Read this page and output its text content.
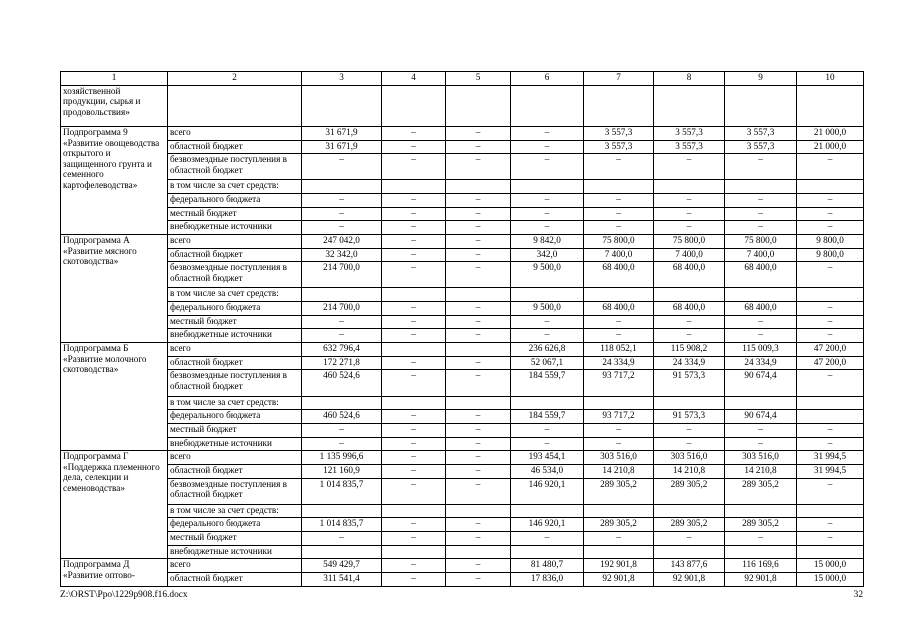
1	2	3	4	5	6	7	8	9	10
хозяйственной продукции, сырья и продовольствия»									
Подпрограмма 9 «Развитие овощеводства открытого и защищенного грунта и семенного картофелеводства»	всего	31 671,9	–	–	–	3 557,3	3 557,3	3 557,3	21 000,0
	областной бюджет	31 671,9	–	–	–	3 557,3	3 557,3	3 557,3	21 000,0
	безвозмездные поступления в областной бюджет	–	–	–	–	–	–	–	–
	в том числе за счет средств:								
	федерального бюджета	–	–	–	–	–	–	–	–
	местный бюджет	–	–	–	–	–	–	–	–
	внебюджетные источники	–	–	–	–	–	–	–	–
Подпрограмма А «Развитие мясного скотоводства»	всего	247 042,0	–	–	9 842,0	75 800,0	75 800,0	75 800,0	9 800,0
	областной бюджет	32 342,0	–	–	342,0	7 400,0	7 400,0	7 400,0	9 800,0
	безвозмездные поступления в областной бюджет	214 700,0	–	–	9 500,0	68 400,0	68 400,0	68 400,0	–
	в том числе за счет средств:								
	федерального бюджета	214 700,0	–	–	9 500,0	68 400,0	68 400,0	68 400,0	–
	местный бюджет	–	–	–	–	–	–	–	–
	внебюджетные источники	–	–	–	–	–	–	–	–
Подпрограмма Б «Развитие молочного скотоводства»	всего	632 796,4			236 626,8	118 052,1	115 908,2	115 009,3	47 200,0
	областной бюджет	172 271,8	–	–	52 067,1	24 334,9	24 334,9	24 334,9	47 200,0
	безвозмездные поступления в областной бюджет	460 524,6	–	–	184 559,7	93 717,2	91 573,3	90 674,4	–
	в том числе за счет средств:								
	федерального бюджета	460 524,6	–	–	184 559,7	93 717,2	91 573,3	90 674,4	
	местный бюджет	–	–	–	–	–	–	–	–
	внебюджетные источники	–	–	–	–	–	–	–	–
Подпрограмма Г «Поддержка племенного дела, селекции и семеноводства»	всего	1 135 996,6	–	–	193 454,1	303 516,0	303 516,0	303 516,0	31 994,5
	областной бюджет	121 160,9	–	–	46 534,0	14 210,8	14 210,8	14 210,8	31 994,5
	безвозмездные поступления в областной бюджет	1 014 835,7	–	–	146 920,1	289 305,2	289 305,2	289 305,2	–
	в том числе за счет средств:								
	федерального бюджета	1 014 835,7	–	–	146 920,1	289 305,2	289 305,2	289 305,2	–
	местный бюджет	–	–	–	–	–	–	–	–
	внебюджетные источники								
Подпрограмма Д «Развитие оптово-	всего	549 429,7	–	–	81 480,7	192 901,8	143 877,6	116 169,6	15 000,0
	областной бюджет	311 541,4	–	–	17 836,0	92 901,8	92 901,8	92 901,8	15 000,0
Z:\ORST\Ppo\1229p908.f16.docx	32
